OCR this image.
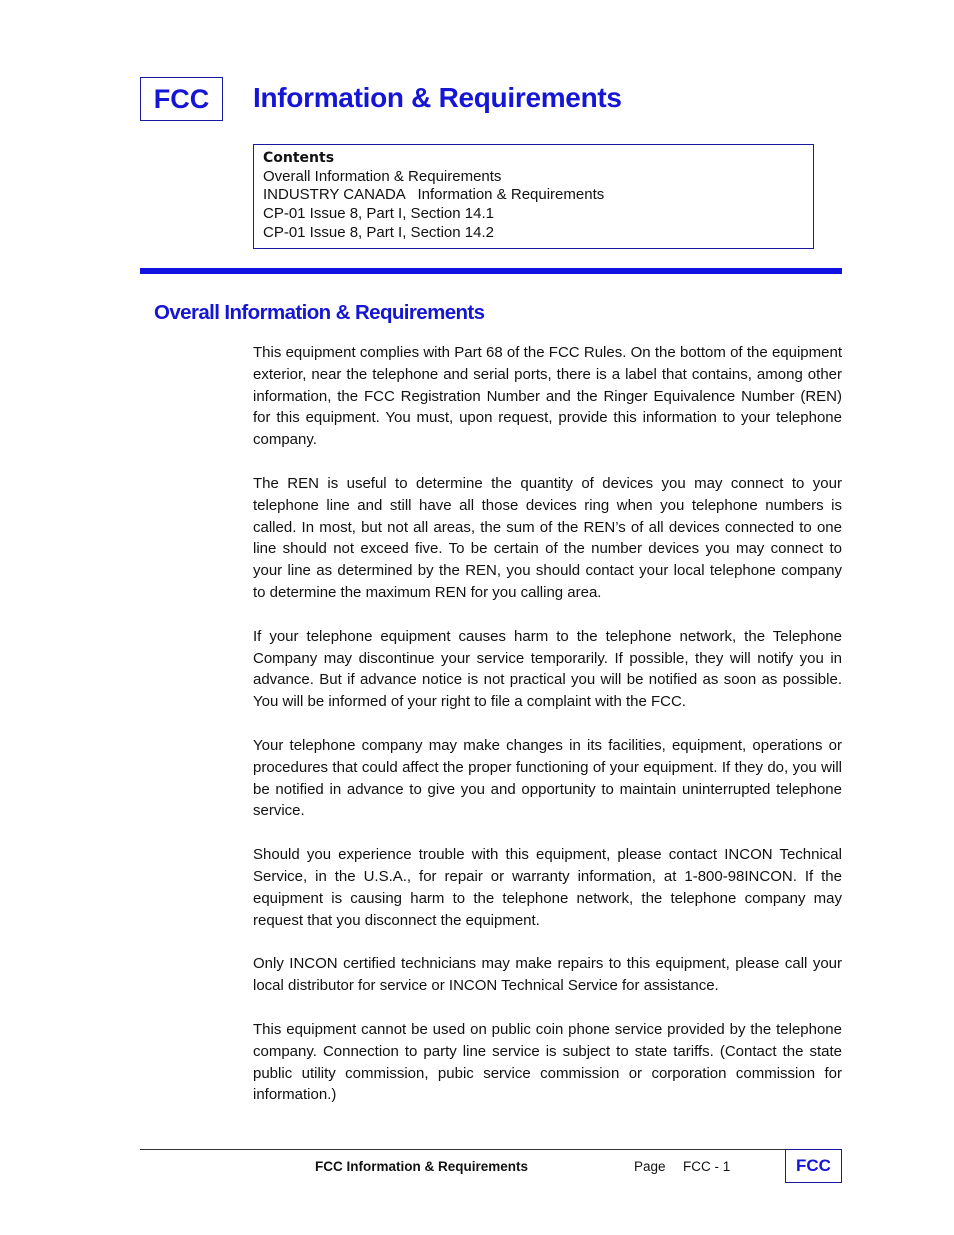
FCC	Information & Requirements
Contents
Overall Information & Requirements
INDUSTRY CANADA   Information & Requirements
CP-01 Issue 8, Part I, Section 14.1
CP-01 Issue 8, Part I, Section 14.2
Overall Information & Requirements

This equipment complies with Part 68 of the FCC Rules. On the bottom of the equipment exterior, near the telephone and serial ports, there is a label that contains, among other information, the FCC Registration Number and the Ringer Equivalence Number (REN) for this equipment. You must, upon request, provide this information to your telephone company.

The REN is useful to determine the quantity of devices you may connect to your telephone line and still have all those devices ring when you telephone numbers is called. In most, but not all areas, the sum of the REN’s of all devices connected to one line should not exceed five. To be certain of the number devices you may connect to your line as determined by the REN, you should contact your local telephone company to determine the maximum REN for you calling area.

If your telephone equipment causes harm to the telephone network, the Telephone Company may discontinue your service temporarily. If possible, they will notify you in advance. But if advance notice is not practical you will be notified as soon as possible. You will be informed of your right to file a complaint with the FCC.

Your telephone company may make changes in its facilities, equipment, operations or procedures that could affect the proper functioning of your equipment. If they do, you will be notified in advance to give you and opportunity to maintain uninterrupted telephone service.

Should you experience trouble with this equipment, please contact INCON Technical Service, in the U.S.A., for repair or warranty information, at 1-800-98INCON. If the equipment is causing harm to the telephone network, the telephone company may request that you disconnect the equipment.

Only INCON certified technicians may make repairs to this equipment, please call your local distributor for service or INCON Technical Service for assistance.

This equipment cannot be used on public coin phone service provided by the telephone company. Connection to party line service is subject to state tariffs. (Contact the state public utility commission, pubic service commission or corporation commission for information.)

FCC Information & Requirements	Page FCC - 1	FCC
